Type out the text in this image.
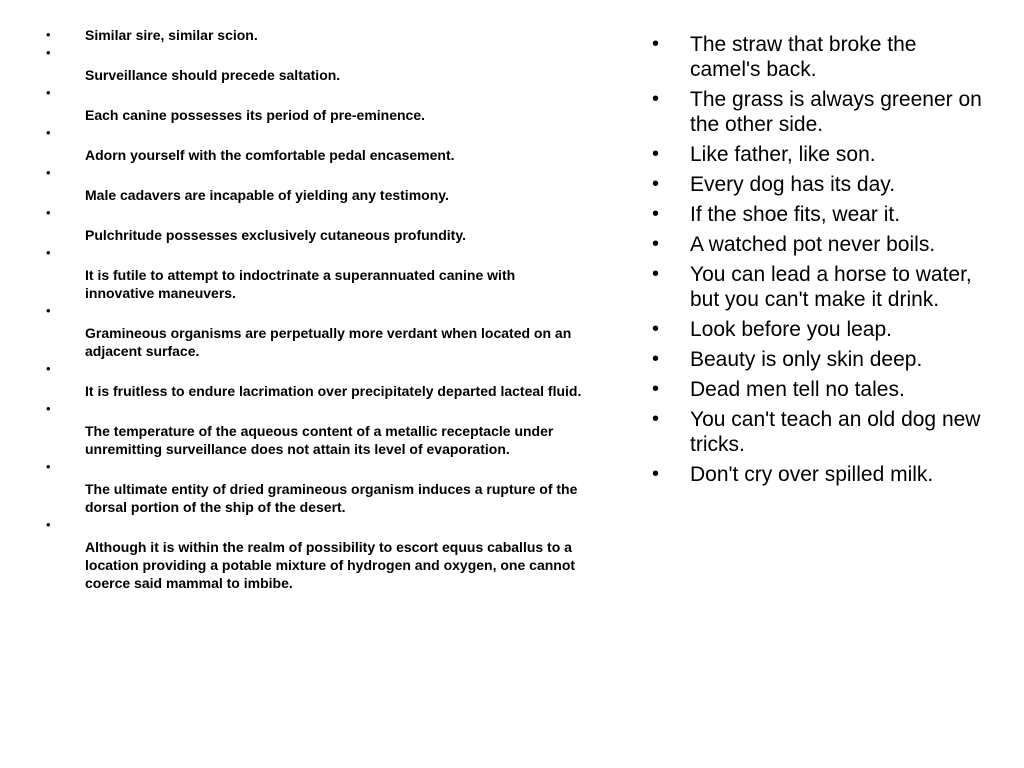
• Similar sire, similar scion.
•
Surveillance should precede saltation.
•
Each canine possesses its period of pre-eminence.
•
Adorn yourself with the comfortable pedal encasement.
•
Male cadavers are incapable of yielding any testimony.
•
Pulchritude possesses exclusively cutaneous profundity.
•
It is futile to attempt to indoctrinate a superannuated canine with innovative maneuvers.
•
Gramineous organisms are perpetually more verdant when located on an adjacent surface.
•
It is fruitless to endure lacrimation over precipitately departed lacteal fluid.
•
The temperature of the aqueous content of a metallic receptacle under unremitting surveillance does not attain its level of evaporation.
•
The ultimate entity of dried gramineous organism induces a rupture of the dorsal portion of the ship of the desert.
•
Although it is within the realm of possibility to escort equus caballus to a location providing a potable mixture of hydrogen and oxygen, one cannot coerce said mammal to imbibe.
• The straw that broke the camel's back.
• The grass is always greener on the other side.
• Like father, like son.
• Every dog has its day.
• If the shoe fits, wear it.
• A watched pot never boils.
• You can lead a horse to water, but you can't make it drink.
• Look before you leap.
• Beauty is only skin deep.
• Dead men tell no tales.
• You can't teach an old dog new tricks.
• Don't cry over spilled milk.
